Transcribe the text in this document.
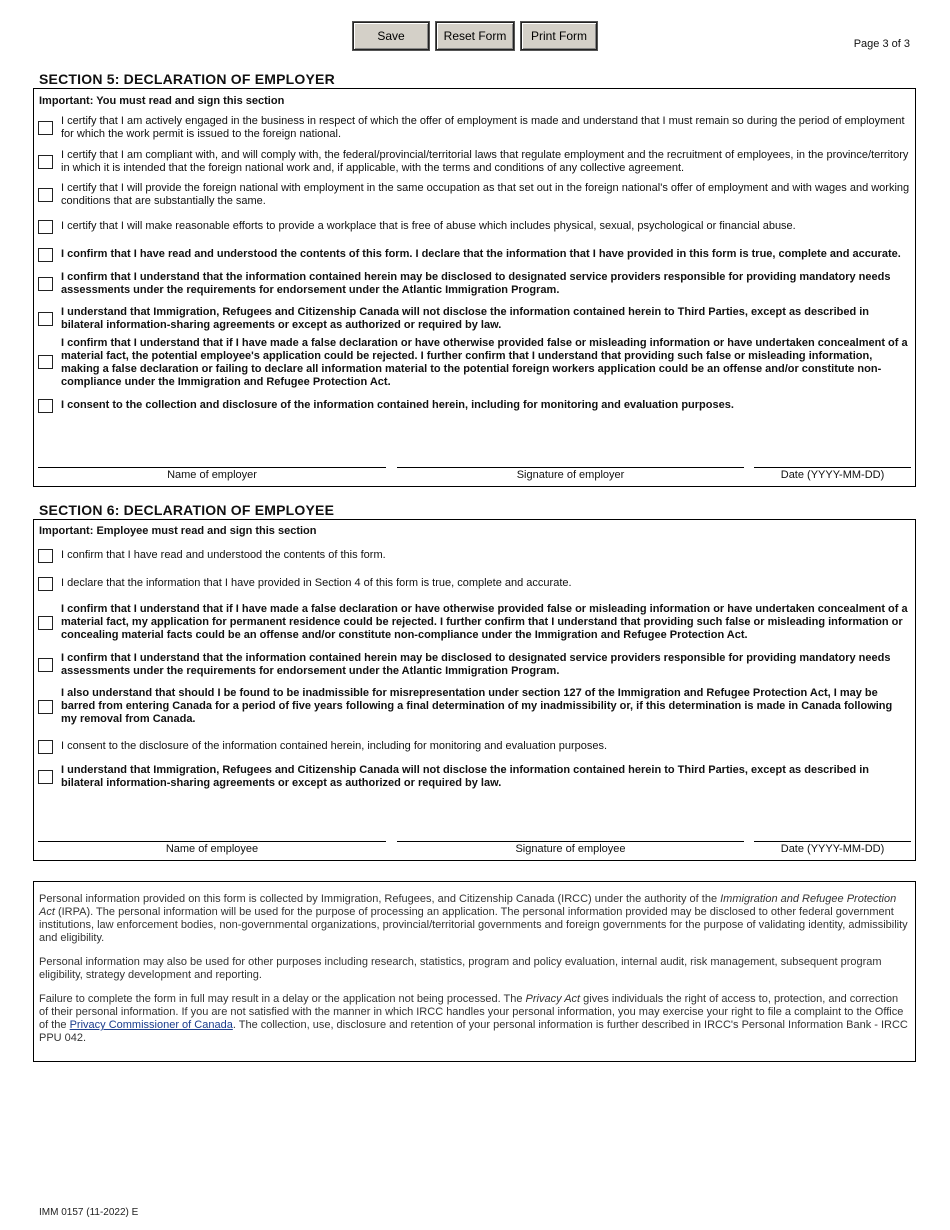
Save	Reset Form	Print Form
Page 3 of 3
SECTION 5: DECLARATION OF EMPLOYER
Important: You must read and sign this section
I certify that I am actively engaged in the business in respect of which the offer of employment is made and understand that I must remain so during the period of employment for which the work permit is issued to the foreign national.
I certify that I am compliant with, and will comply with, the federal/provincial/territorial laws that regulate employment and the recruitment of employees, in the province/territory in which it is intended that the foreign national work and, if applicable, with the terms and conditions of any collective agreement.
I certify that I will provide the foreign national with employment in the same occupation as that set out in the foreign national's offer of employment and with wages and working conditions that are substantially the same.
I certify that I will make reasonable efforts to provide a workplace that is free of abuse which includes physical, sexual, psychological or financial abuse.
I confirm that I have read and understood the contents of this form. I declare that the information that I have provided in this form is true, complete and accurate.
I confirm that I understand that the information contained herein may be disclosed to designated service providers responsible for providing mandatory needs assessments under the requirements for endorsement under the Atlantic Immigration Program.
I understand that Immigration, Refugees and Citizenship Canada will not disclose the information contained herein to Third Parties, except as described in bilateral information-sharing agreements or except as authorized or required by law.
I confirm that I understand that if I have made a false declaration or have otherwise provided false or misleading information or have undertaken concealment of a material fact, the potential employee's application could be rejected. I further confirm that I understand that providing such false or misleading information, making a false declaration or failing to declare all information material to the potential foreign workers application could be an offense and/or constitute non-compliance under the Immigration and Refugee Protection Act.
I consent to the collection and disclosure of the information contained herein, including for monitoring and evaluation purposes.
Name of employer	Signature of employer	Date (YYYY-MM-DD)
SECTION 6: DECLARATION OF EMPLOYEE
Important: Employee must read and sign this section
I confirm that I have read and understood the contents of this form.
I declare that the information that I have provided in Section 4 of this form is true, complete and accurate.
I confirm that I understand that if I have made a false declaration or have otherwise provided false or misleading information or have undertaken concealment of a material fact, my application for permanent residence could be rejected. I further confirm that I understand that providing such false or misleading information or concealing material facts could be an offense and/or constitute non-compliance under the Immigration and Refugee Protection Act.
I confirm that I understand that the information contained herein may be disclosed to designated service providers responsible for providing mandatory needs assessments under the requirements for endorsement under the Atlantic Immigration Program.
I also understand that should I be found to be inadmissible for misrepresentation under section 127 of the Immigration and Refugee Protection Act, I may be barred from entering Canada for a period of five years following a final determination of my inadmissibility or, if this determination is made in Canada following my removal from Canada.
I consent to the disclosure of the information contained herein, including for monitoring and evaluation purposes.
I understand that Immigration, Refugees and Citizenship Canada will not disclose the information contained herein to Third Parties, except as described in bilateral information-sharing agreements or except as authorized or required by law.
Name of employee	Signature of employee	Date (YYYY-MM-DD)

Personal information provided on this form is collected by Immigration, Refugees, and Citizenship Canada (IRCC) under the authority of the Immigration and Refugee Protection Act (IRPA). The personal information will be used for the purpose of processing an application. The personal information provided may be disclosed to other federal government institutions, law enforcement bodies, non-governmental organizations, provincial/territorial governments and foreign governments for the purpose of validating identity, admissibility and eligibility.

Personal information may also be used for other purposes including research, statistics, program and policy evaluation, internal audit, risk management, subsequent program eligibility, strategy development and reporting.

Failure to complete the form in full may result in a delay or the application not being processed. The Privacy Act gives individuals the right of access to, protection, and correction of their personal information. If you are not satisfied with the manner in which IRCC handles your personal information, you may exercise your right to file a complaint to the Office of the Privacy Commissioner of Canada. The collection, use, disclosure and retention of your personal information is further described in IRCC's Personal Information Bank - IRCC PPU 042.

IMM 0157 (11-2022) E
